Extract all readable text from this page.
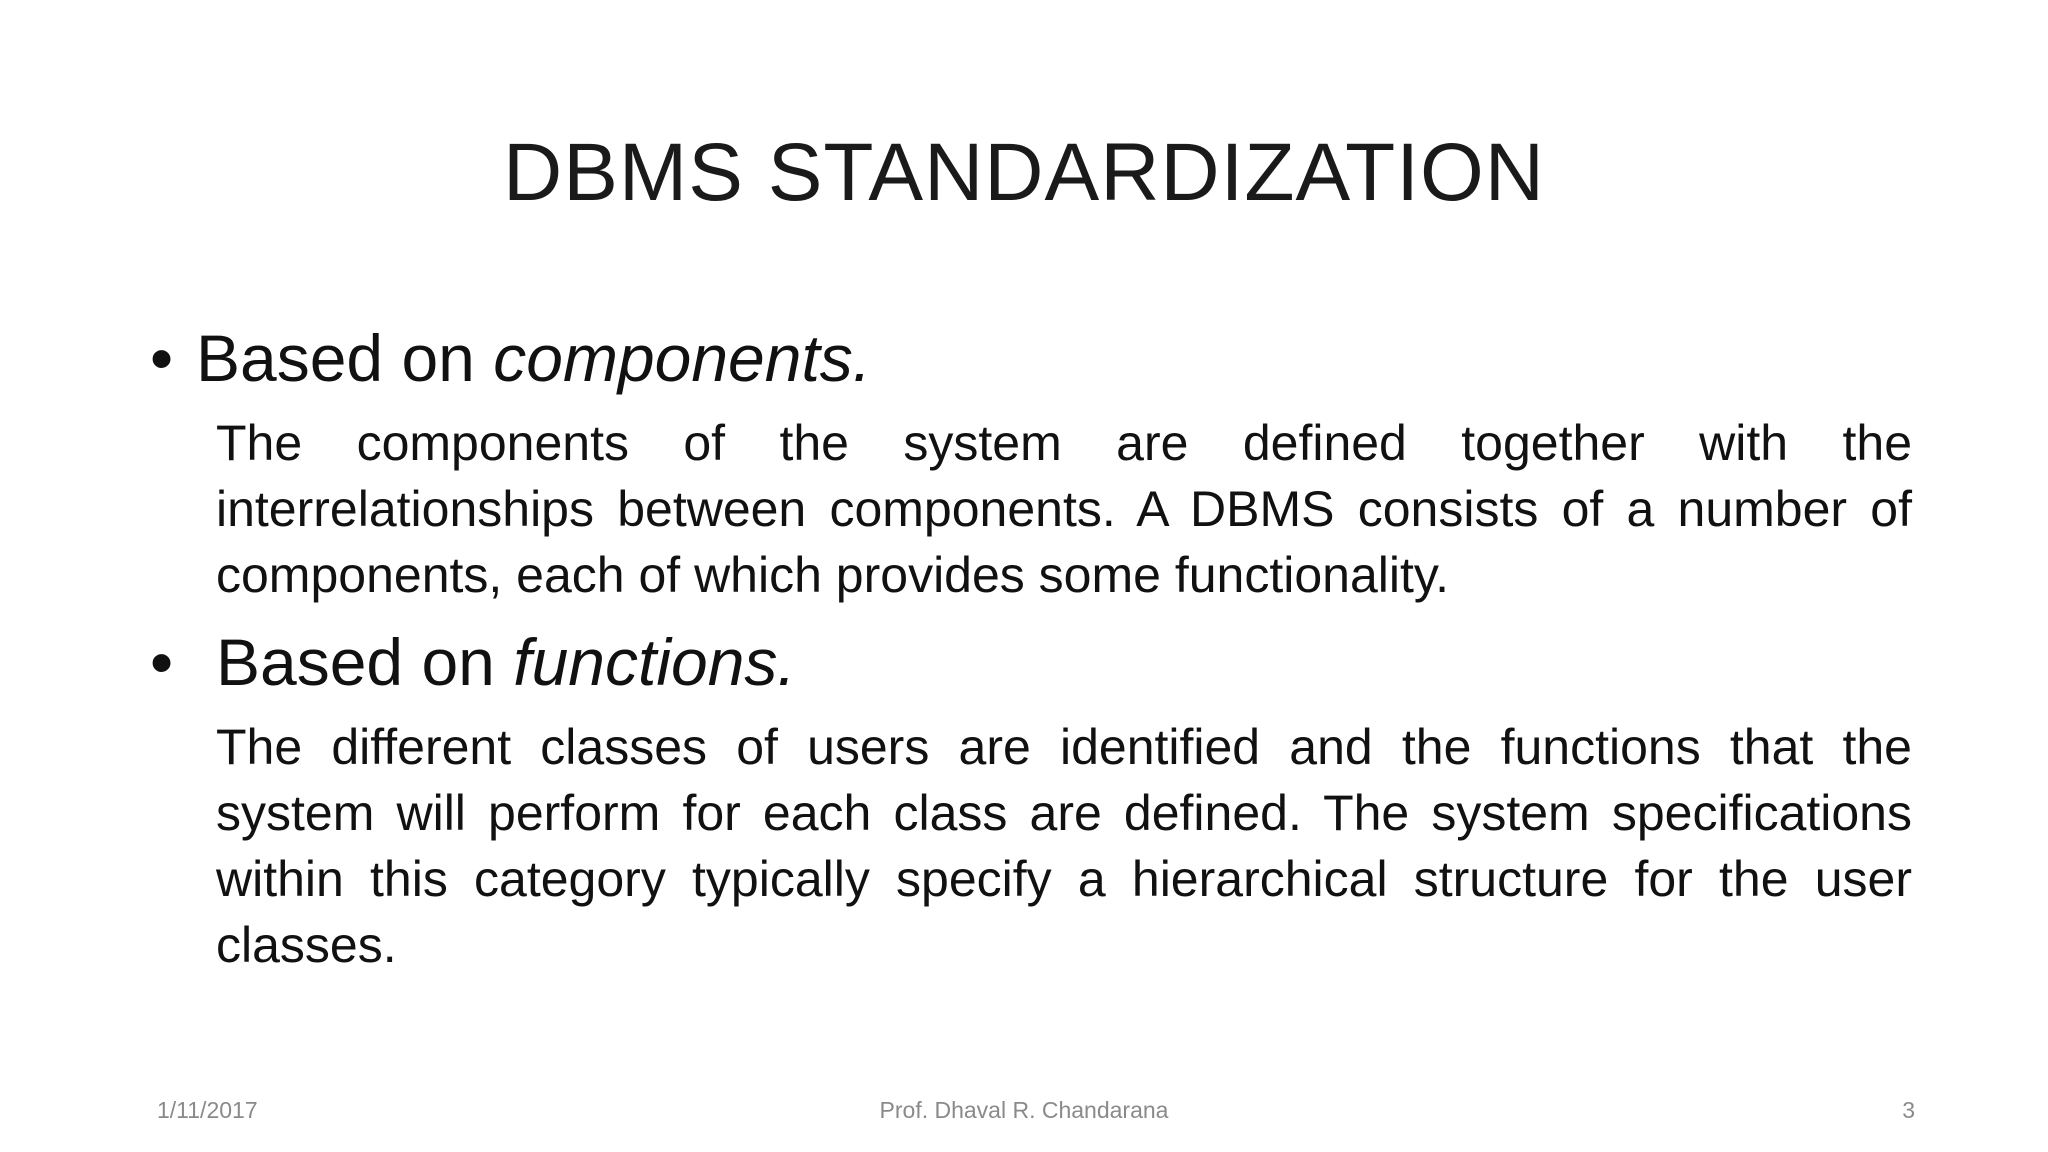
DBMS STANDARDIZATION
• Based on components.
The components of the system are defined together with the interrelationships between components. A DBMS consists of a number of components, each of which provides some functionality.
• Based on functions.
The different classes of users are identified and the functions that the system will perform for each class are defined. The system specifications within this category typically specify a hierarchical structure for the user classes.
1/11/2017	Prof. Dhaval R. Chandarana	3
